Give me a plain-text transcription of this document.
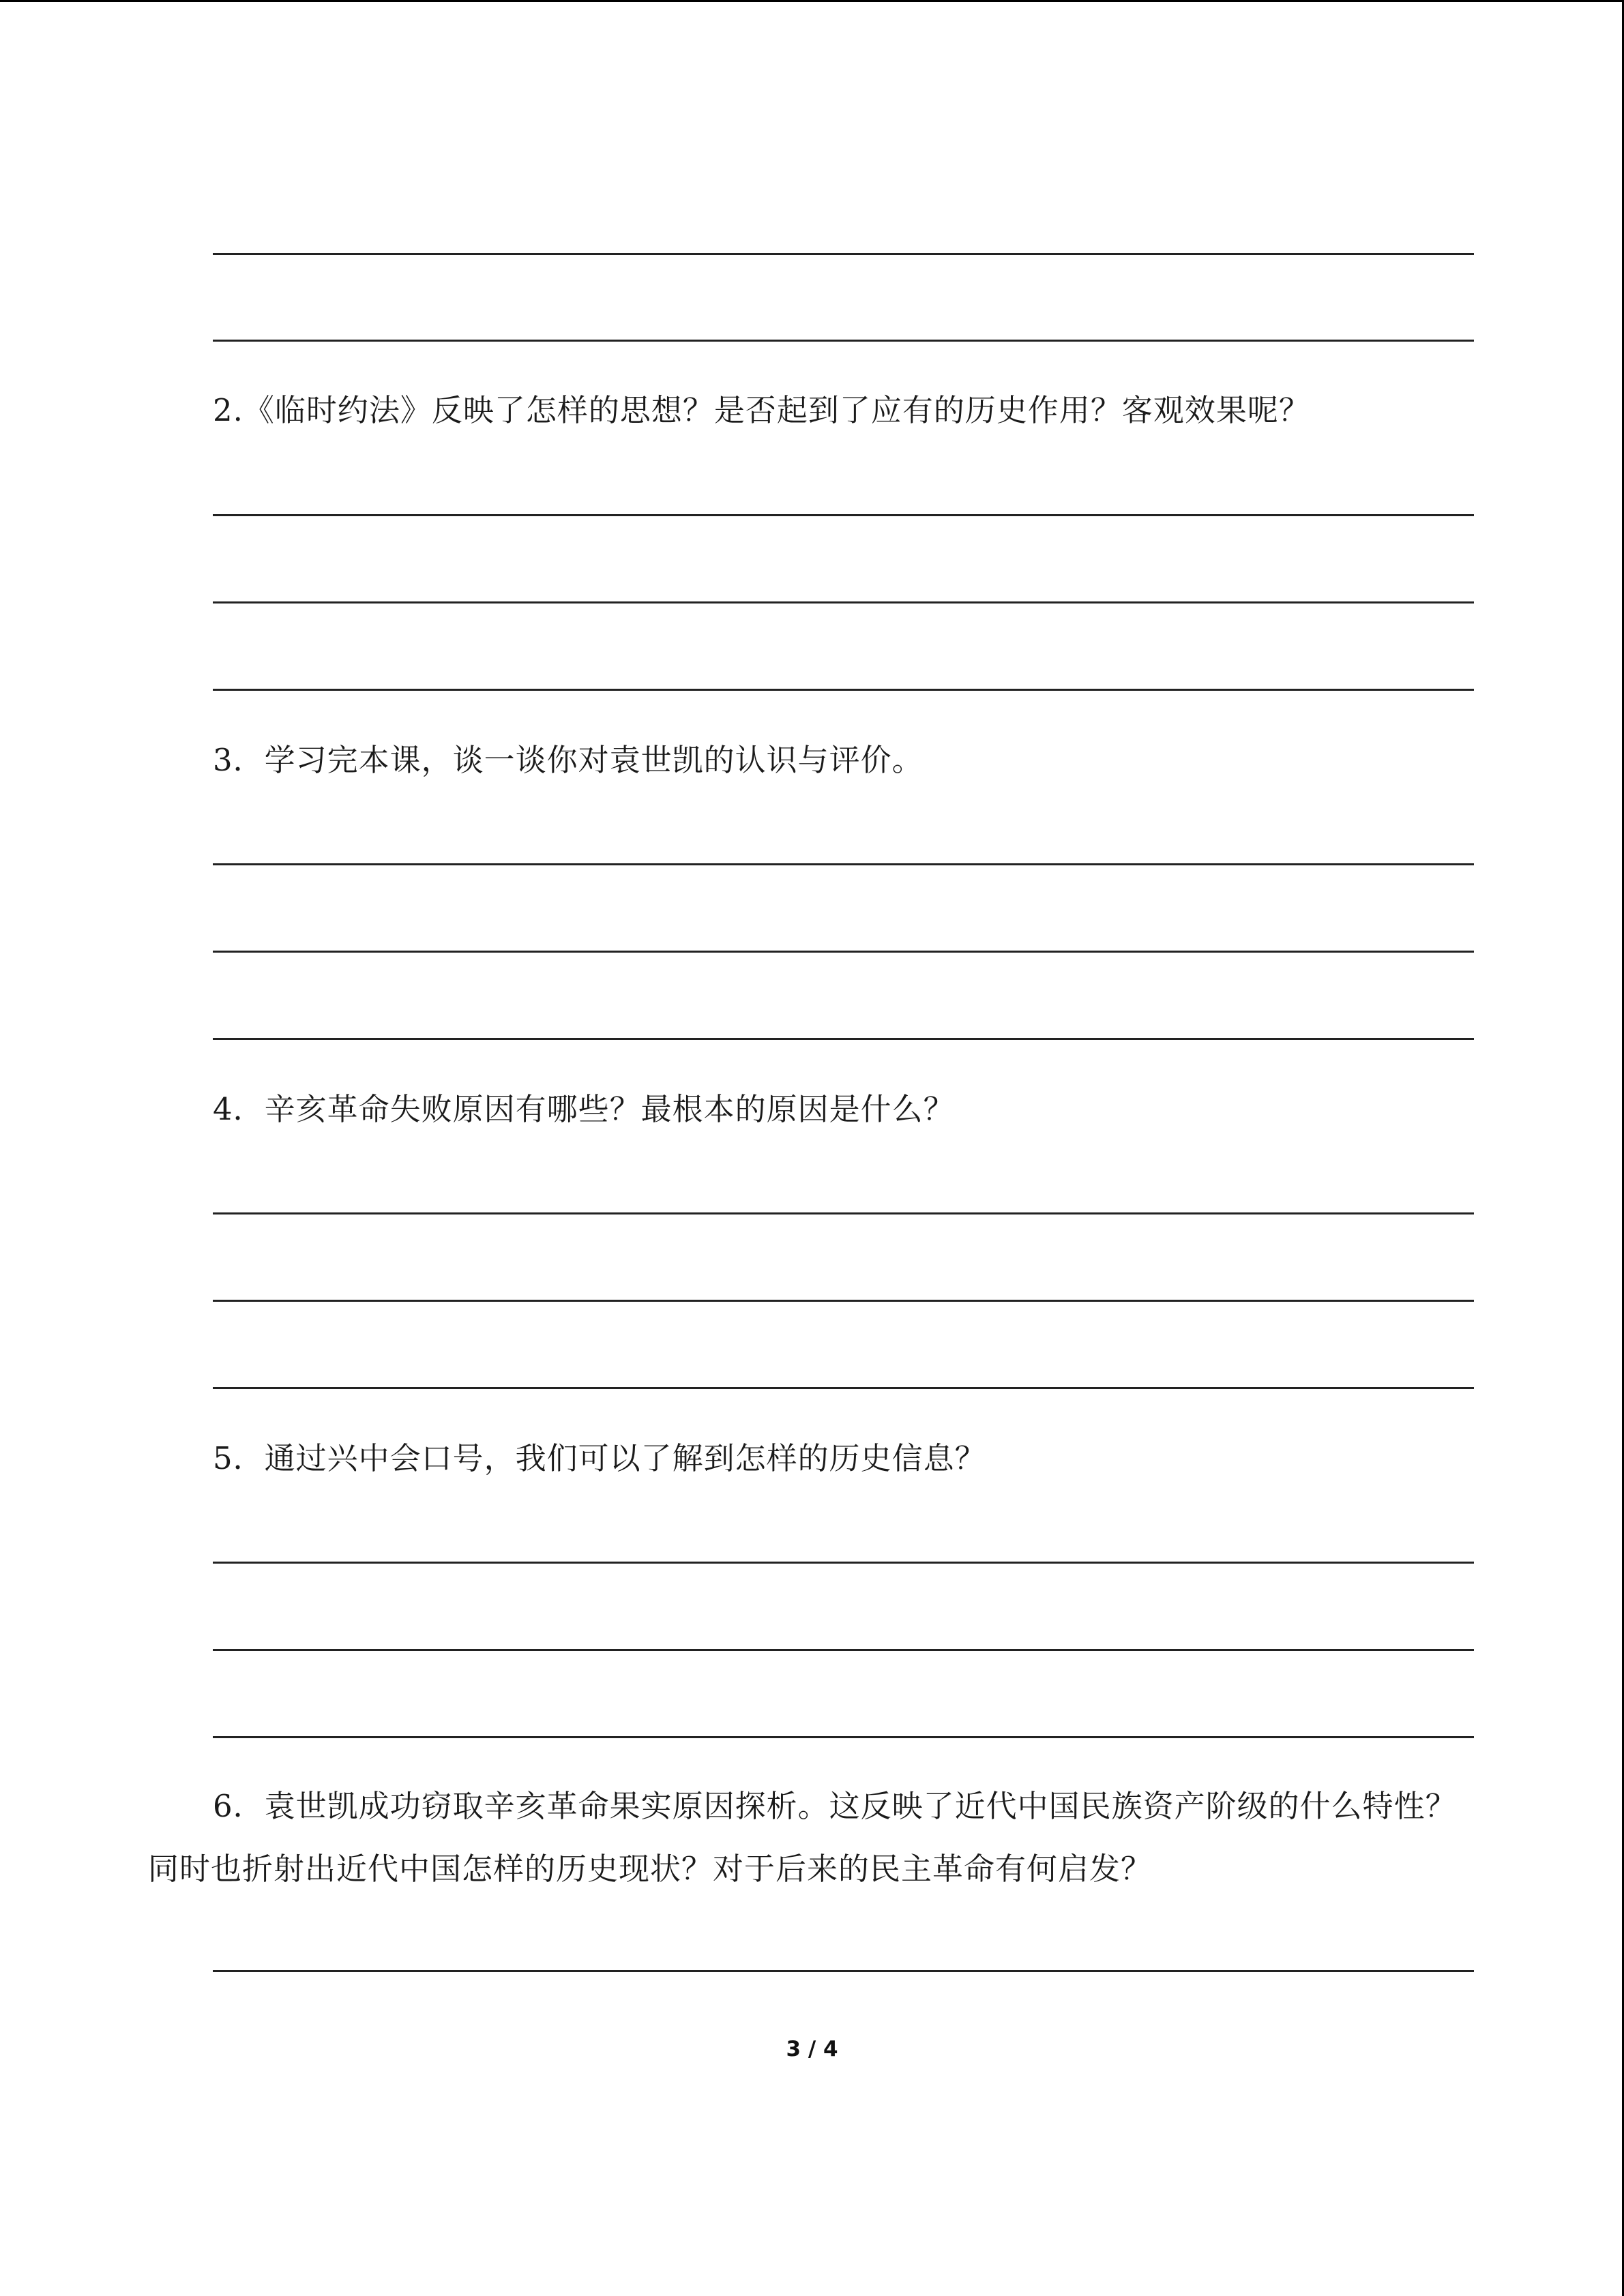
2.《临时约法》反映了怎样的思想？是否起到了应有的历史作用？客观效果呢？
3．学习完本课，谈一谈你对袁世凯的认识与评价。
4．辛亥革命失败原因有哪些？最根本的原因是什么？
5．通过兴中会口号，我们可以了解到怎样的历史信息？
6．袁世凯成功窃取辛亥革命果实原因探析。这反映了近代中国民族资产阶级的什么特性？同时也折射出近代中国怎样的历史现状？对于后来的民主革命有何启发？
3 / 4
